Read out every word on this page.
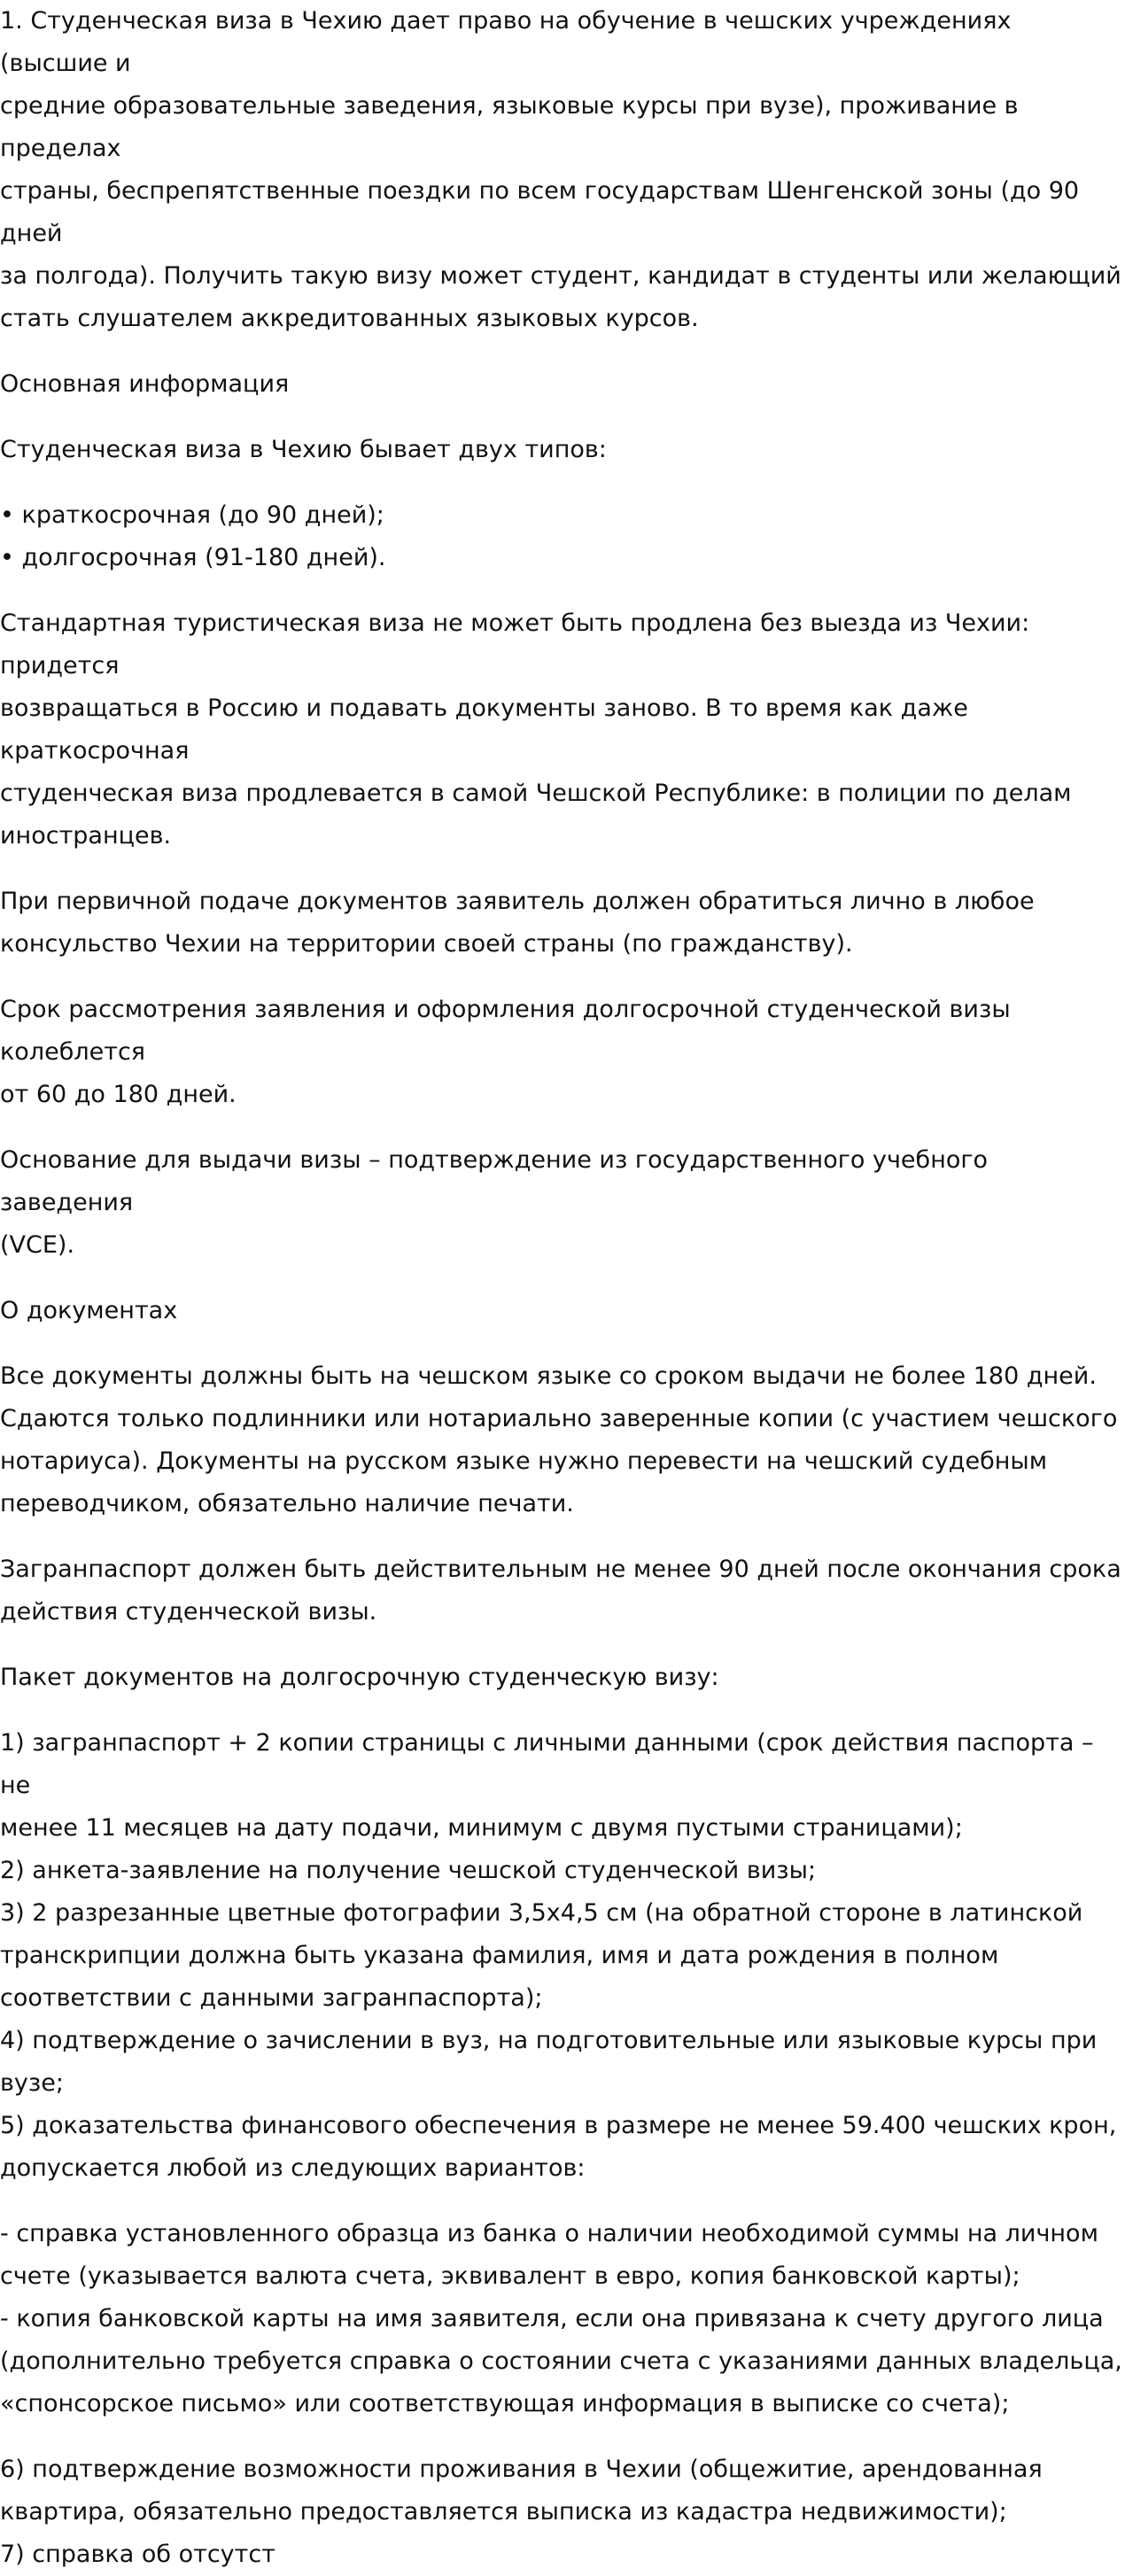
1. Студенческая виза в Чехию дает право на обучение в чешских учреждениях (высшие и
средние образовательные заведения, языковые курсы при вузе), проживание в пределах
страны, беспрепятственные поездки по всем государствам Шенгенской зоны (до 90 дней
за полгода). Получить такую визу может студент, кандидат в студенты или желающий
стать слушателем аккредитованных языковых курсов.

Основная информация

Студенческая виза в Чехию бывает двух типов:

• краткосрочная (до 90 дней);
• долгосрочная (91-180 дней).

Стандартная туристическая виза не может быть продлена без выезда из Чехии: придется
возвращаться в Россию и подавать документы заново. В то время как даже краткосрочная
студенческая виза продлевается в самой Чешской Республике: в полиции по делам
иностранцев.

При первичной подаче документов заявитель должен обратиться лично в любое
консульство Чехии на территории своей страны (по гражданству).

Срок рассмотрения заявления и оформления долгосрочной студенческой визы колеблется
от 60 до 180 дней.

Основание для выдачи визы – подтверждение из государственного учебного заведения
(VCE).

О документах

Все документы должны быть на чешском языке со сроком выдачи не более 180 дней.
Сдаются только подлинники или нотариально заверенные копии (с участием чешского
нотариуса). Документы на русском языке нужно перевести на чешский судебным
переводчиком, обязательно наличие печати.

Загранпаспорт должен быть действительным не менее 90 дней после окончания срока
действия студенческой визы.

Пакет документов на долгосрочную студенческую визу:

1) загранпаспорт + 2 копии страницы с личными данными (срок действия паспорта – не
менее 11 месяцев на дату подачи, минимум с двумя пустыми страницами);
2) анкета-заявление на получение чешской студенческой визы;
3) 2 разрезанные цветные фотографии 3,5х4,5 см (на обратной стороне в латинской
транскрипции должна быть указана фамилия, имя и дата рождения в полном
соответствии с данными загранпаспорта);
4) подтверждение о зачислении в вуз, на подготовительные или языковые курсы при вузе;
5) доказательства финансового обеспечения в размере не менее 59.400 чешских крон,
допускается любой из следующих вариантов:

- справка установленного образца из банка о наличии необходимой суммы на личном
счете (указывается валюта счета, эквивалент в евро, копия банковской карты);
- копия банковской карты на имя заявителя, если она привязана к счету другого лица
(дополнительно требуется справка о состоянии счета с указаниями данных владельца,
«спонсорское письмо» или соответствующая информация в выписке со счета);

6) подтверждение возможности проживания в Чехии (общежитие, арендованная
квартира, обязательно предоставляется выписка из кадастра недвижимости);
7) справка об отсутст
